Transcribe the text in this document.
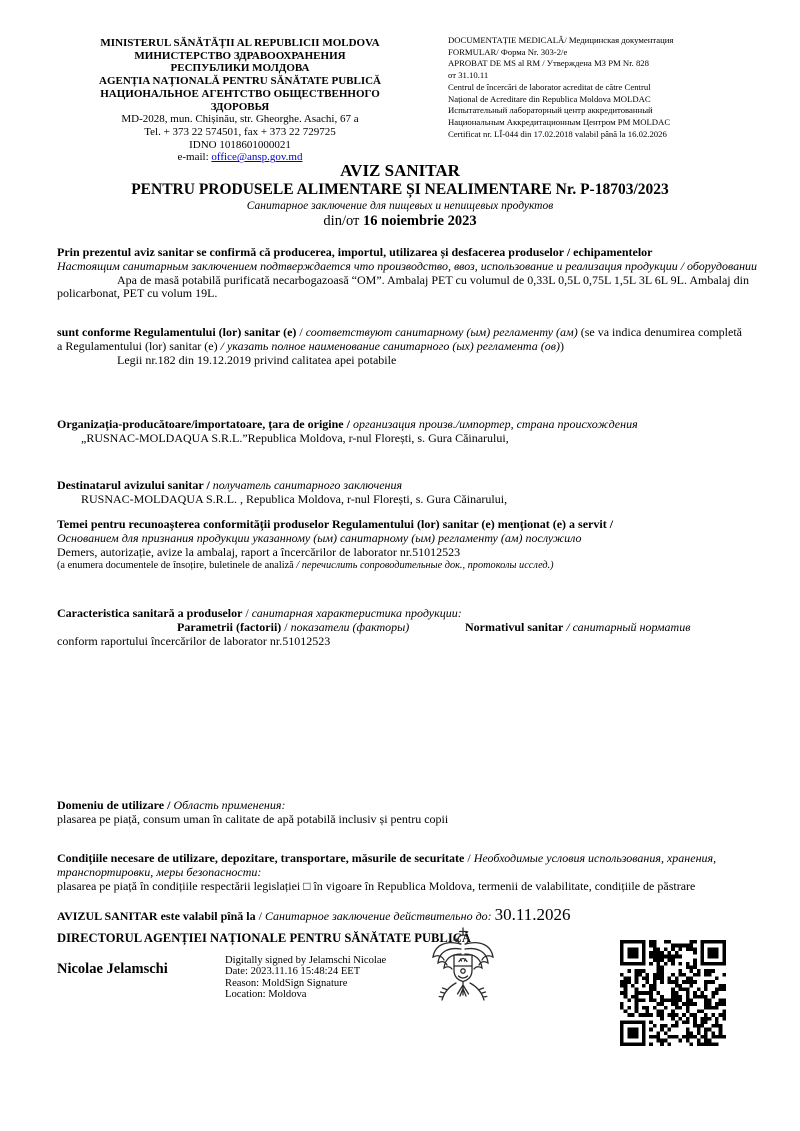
MINISTERUL SĂNĂTĂȚII AL REPUBLICII MOLDOVA
МИНИСТЕРСТВО ЗДРАВООХРАНЕНИЯ
РЕСПУБЛИКИ МОЛДОВА
AGENȚIA NAȚIONALĂ PENTRU SĂNĂTATE PUBLICĂ
НАЦИОНАЛЬНОЕ АГЕНТСТВО ОБЩЕСТВЕННОГО
ЗДОРОВЬЯ
MD-2028, mun. Chișinău, str. Gheorghe. Asachi, 67 a
Tel. + 373 22 574501, fax + 373 22 729725
IDNO 1018601000021
e-mail: office@ansp.gov.md
DOCUMENTAȚIE MEDICALĂ/ Медицинская документация
FORMULAR/ Форма Nr. 303-2/e
APROBAT DE MS al RM / Утверждена МЗ РМ Nr. 828
от 31.10.11
Centrul de încercări de laborator acreditat de către Centrul
Național de Acreditare din Republica Moldova MOLDAC
Испытательный лабораторный центр аккредитованный
Национальным Аккредитационным Центром РМ MOLDAC
Certificat nr. LÎ-044 din 17.02.2018 valabil până la 16.02.2026
AVIZ SANITAR
PENTRU PRODUSELE ALIMENTARE ȘI NEALIMENTARE Nr. P-18703/2023
Санитарное заключение для пищевых и непищевых продуктов
din/от 16 noiembrie 2023

Prin prezentul aviz sanitar se confirmă că producerea, importul, utilizarea și desfacerea produselor / echipamentelor

Настоящим санитарным заключением подтверждается что производство, ввоз, использование и реализация продукции / оборудовании

Apa de masă potabilă purificată necarbogazoasă “OM”. Ambalaj PET cu volumul de 0,33L 0,5L 0,75L 1,5L 3L 6L 9L. Ambalaj din policarbonat, PET cu volum 19L.

sunt conforme Regulamentului (lor) sanitar (e) / соответствуют санитарному (ым) регламенту (ам) (se va indica denumirea completă a Regulamentului (lor) sanitar (e) / указать полное наименование санитарного (ых) регламента (ов))

Legii nr.182 din 19.12.2019 privind calitatea apei potabile

Organizația-producătoare/importatoare, țara de origine / организация произв./импортер, страна происхождения

„RUSNAC-MOLDAQUA S.R.L.”Republica Moldova, r-nul Florești, s. Gura Căinarului,

Destinatarul avizului sanitar / получатель санитарного заключения

RUSNAC-MOLDAQUA S.R.L. , Republica Moldova, r-nul Florești, s. Gura Căinarului,

Temei pentru recunoașterea conformității produselor Regulamentului (lor) sanitar (e) menționat (e) a servit /

Основанием для признания продукции указанному (ым) санитарному (ым) регламенту (ам) послужило

Demers, autorizație, avize la ambalaj, raport a încercărilor de laborator nr.51012523

(a enumera documentele de însoțire, buletinele de analiză / перечислить сопроводительные док., протоколы исслед.)

Caracteristica sanitară a produselor / санитарная характеристика продукции:

Parametrii (factorii) / показатели (факторы)	Normativul sanitar / санитарный норматив

conform raportului încercărilor de laborator nr.51012523

Domeniu de utilizare / Область применения:

plasarea pe piață, consum uman în calitate de apă potabilă inclusiv și pentru copii

Condițiile necesare de utilizare, depozitare, transportare, măsurile de securitate / Необходимые условия использования, хранения, транспортировки, меры безопасности:

plasarea pe piață în condițiile respectării legislației □ în vigoare în Republica Moldova, termenii de valabilitate, condițiile de păstrare

AVIZUL SANITAR este valabil pînă la / Санитарное заключение действительно до: 30.11.2026

DIRECTORUL AGENȚIEI NAȚIONALE PENTRU SĂNĂTATE PUBLICĂ
Nicolae Jelamschi
Digitally signed by Jelamschi Nicolae
Date: 2023.11.16 15:48:24 EET
Reason: MoldSign Signature
Location: Moldova
